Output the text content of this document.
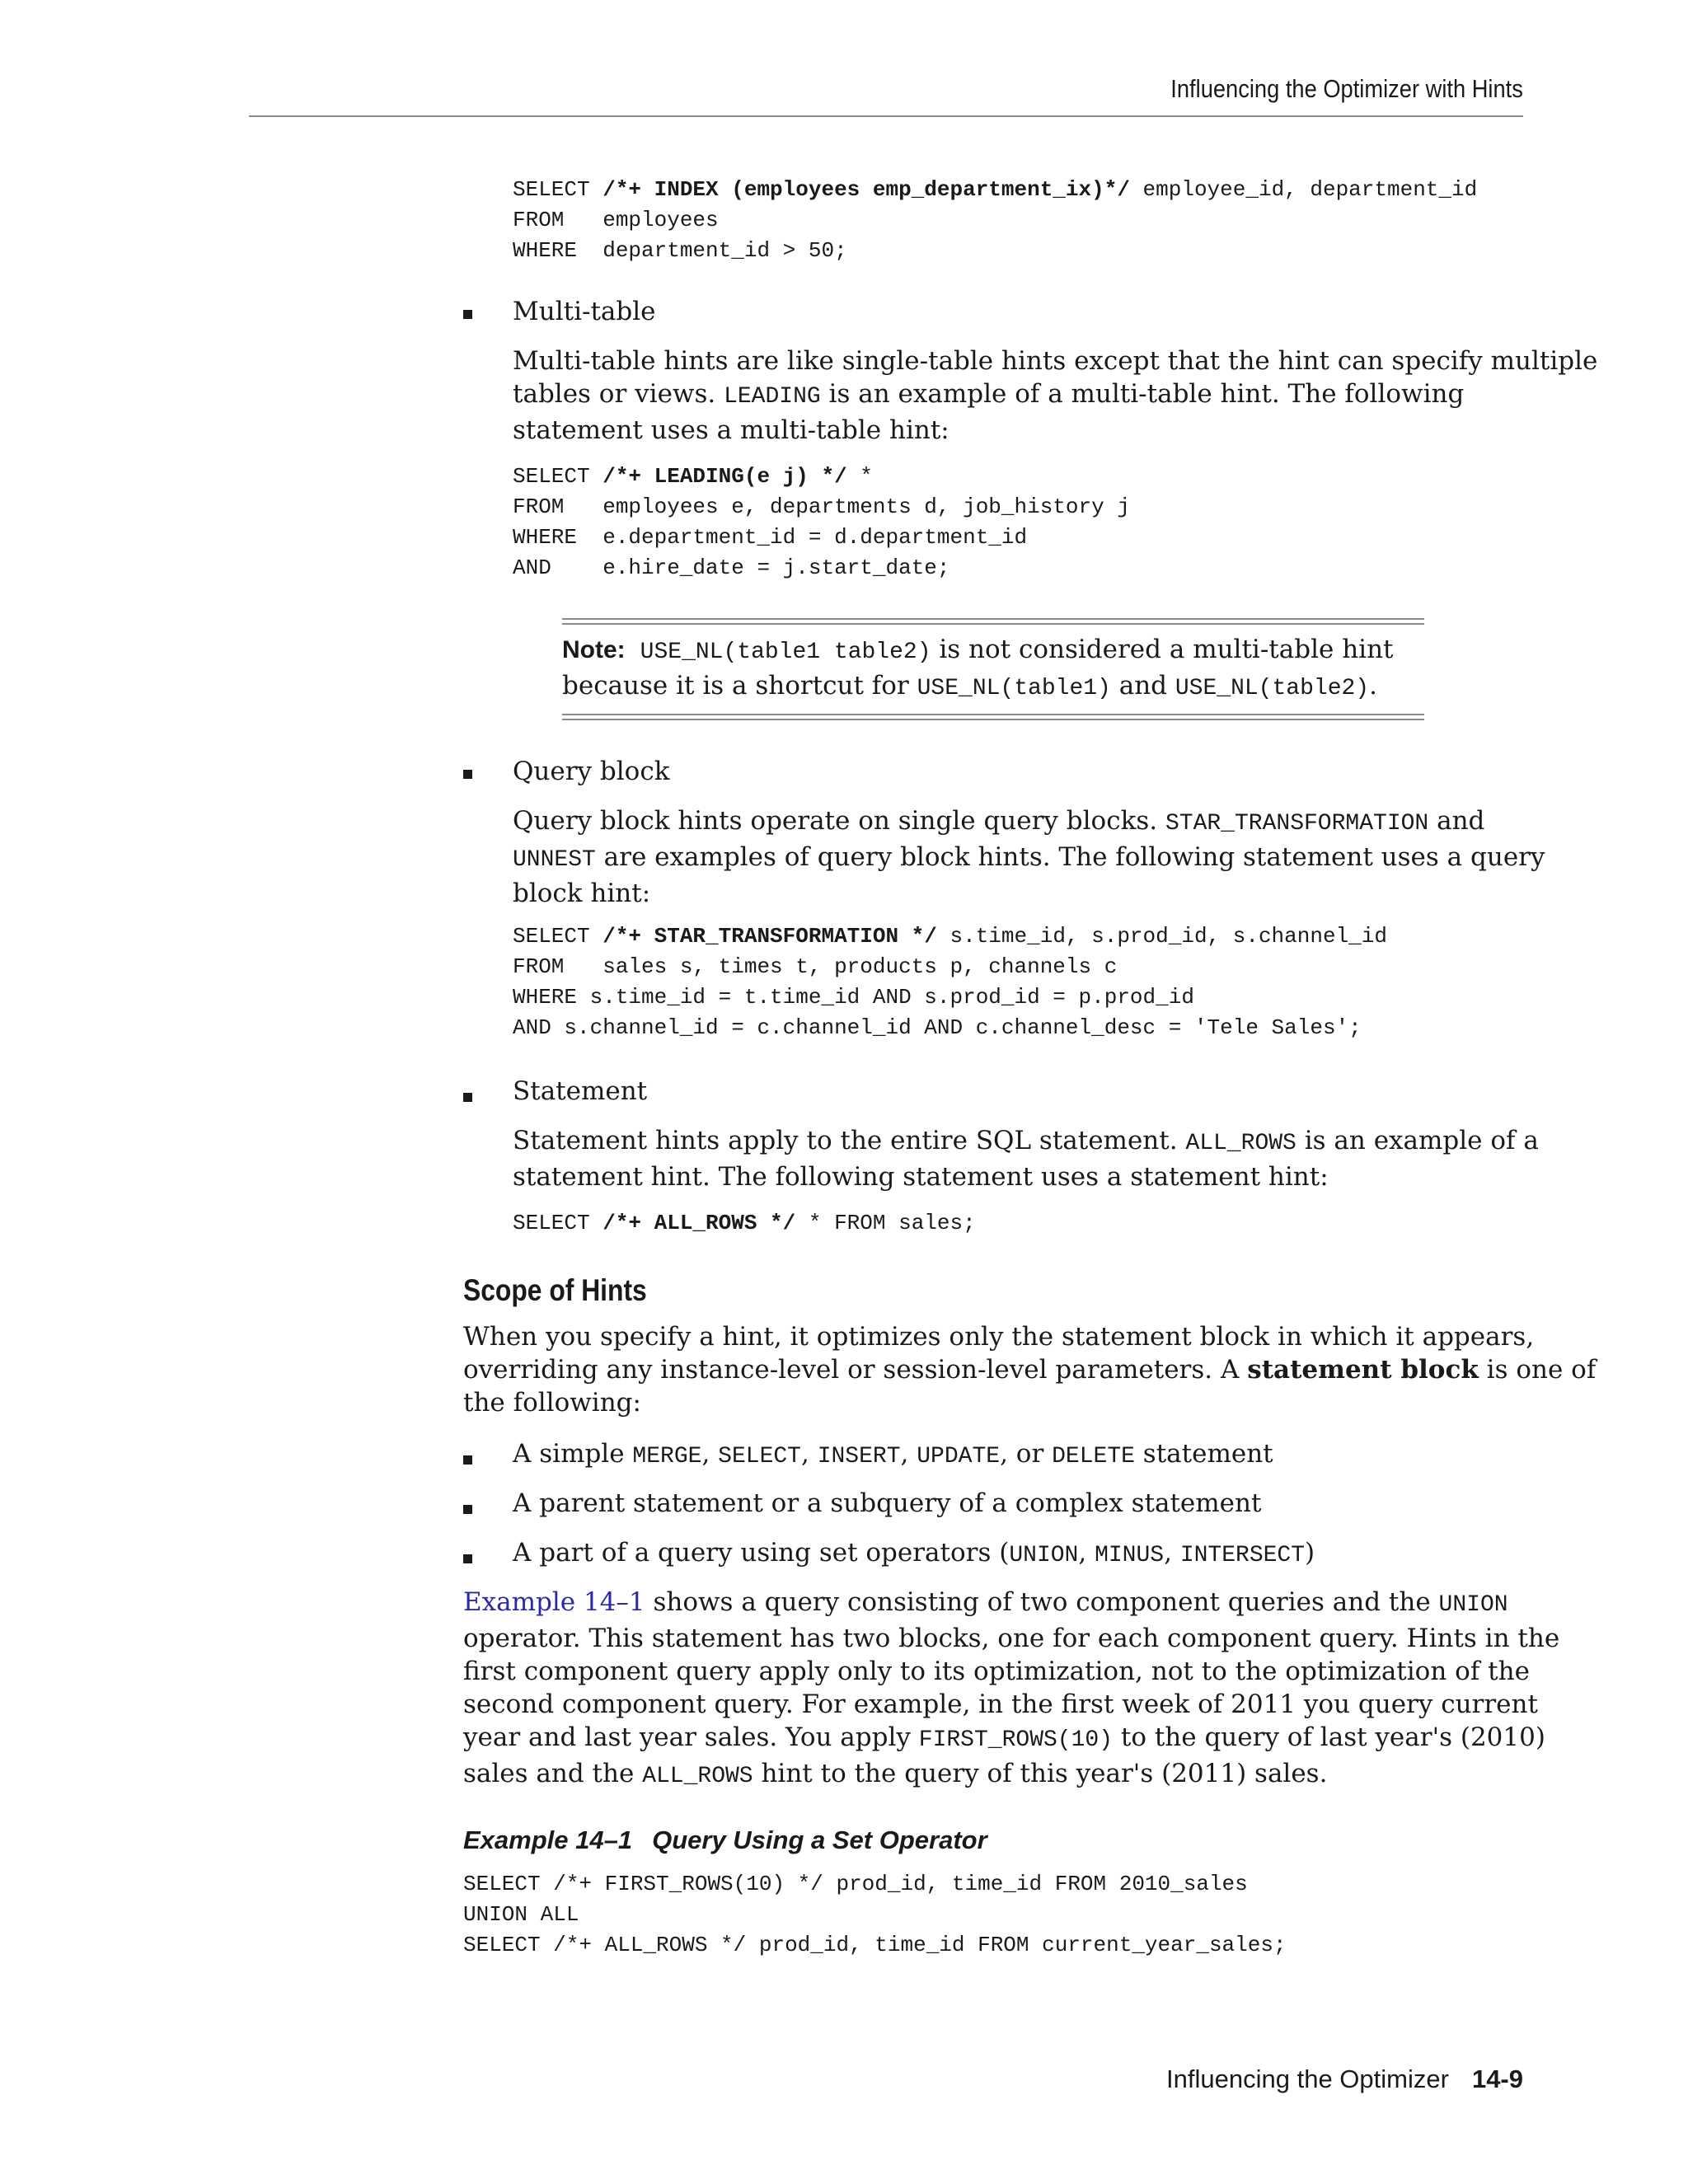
Influencing the Optimizer with Hints
SELECT /*+ INDEX (employees emp_department_ix)*/ employee_id, department_id
FROM   employees
WHERE  department_id > 50;
Multi-table
Multi-table hints are like single-table hints except that the hint can specify multiple
tables or views. LEADING is an example of a multi-table hint. The following
statement uses a multi-table hint:
SELECT /*+ LEADING(e j) */ *
FROM   employees e, departments d, job_history j
WHERE  e.department_id = d.department_id
AND    e.hire_date = j.start_date;
Note: USE_NL(table1 table2) is not considered a multi-table hint
because it is a shortcut for USE_NL(table1) and USE_NL(table2).
Query block
Query block hints operate on single query blocks. STAR_TRANSFORMATION and
UNNEST are examples of query block hints. The following statement uses a query
block hint:
SELECT /*+ STAR_TRANSFORMATION */ s.time_id, s.prod_id, s.channel_id
FROM   sales s, times t, products p, channels c
WHERE s.time_id = t.time_id AND s.prod_id = p.prod_id
AND s.channel_id = c.channel_id AND c.channel_desc = 'Tele Sales';
Statement
Statement hints apply to the entire SQL statement. ALL_ROWS is an example of a
statement hint. The following statement uses a statement hint:
SELECT /*+ ALL_ROWS */ * FROM sales;
Scope of Hints
When you specify a hint, it optimizes only the statement block in which it appears,
overriding any instance-level or session-level parameters. A statement block is one of
the following:
A simple MERGE, SELECT, INSERT, UPDATE, or DELETE statement
A parent statement or a subquery of a complex statement
A part of a query using set operators (UNION, MINUS, INTERSECT)
Example 14–1 shows a query consisting of two component queries and the UNION
operator. This statement has two blocks, one for each component query. Hints in the
first component query apply only to its optimization, not to the optimization of the
second component query. For example, in the first week of 2011 you query current
year and last year sales. You apply FIRST_ROWS(10) to the query of last year's (2010)
sales and the ALL_ROWS hint to the query of this year's (2011) sales.
Example 14–1 Query Using a Set Operator
SELECT /*+ FIRST_ROWS(10) */ prod_id, time_id FROM 2010_sales
UNION ALL
SELECT /*+ ALL_ROWS */ prod_id, time_id FROM current_year_sales;
Influencing the Optimizer 14-9
